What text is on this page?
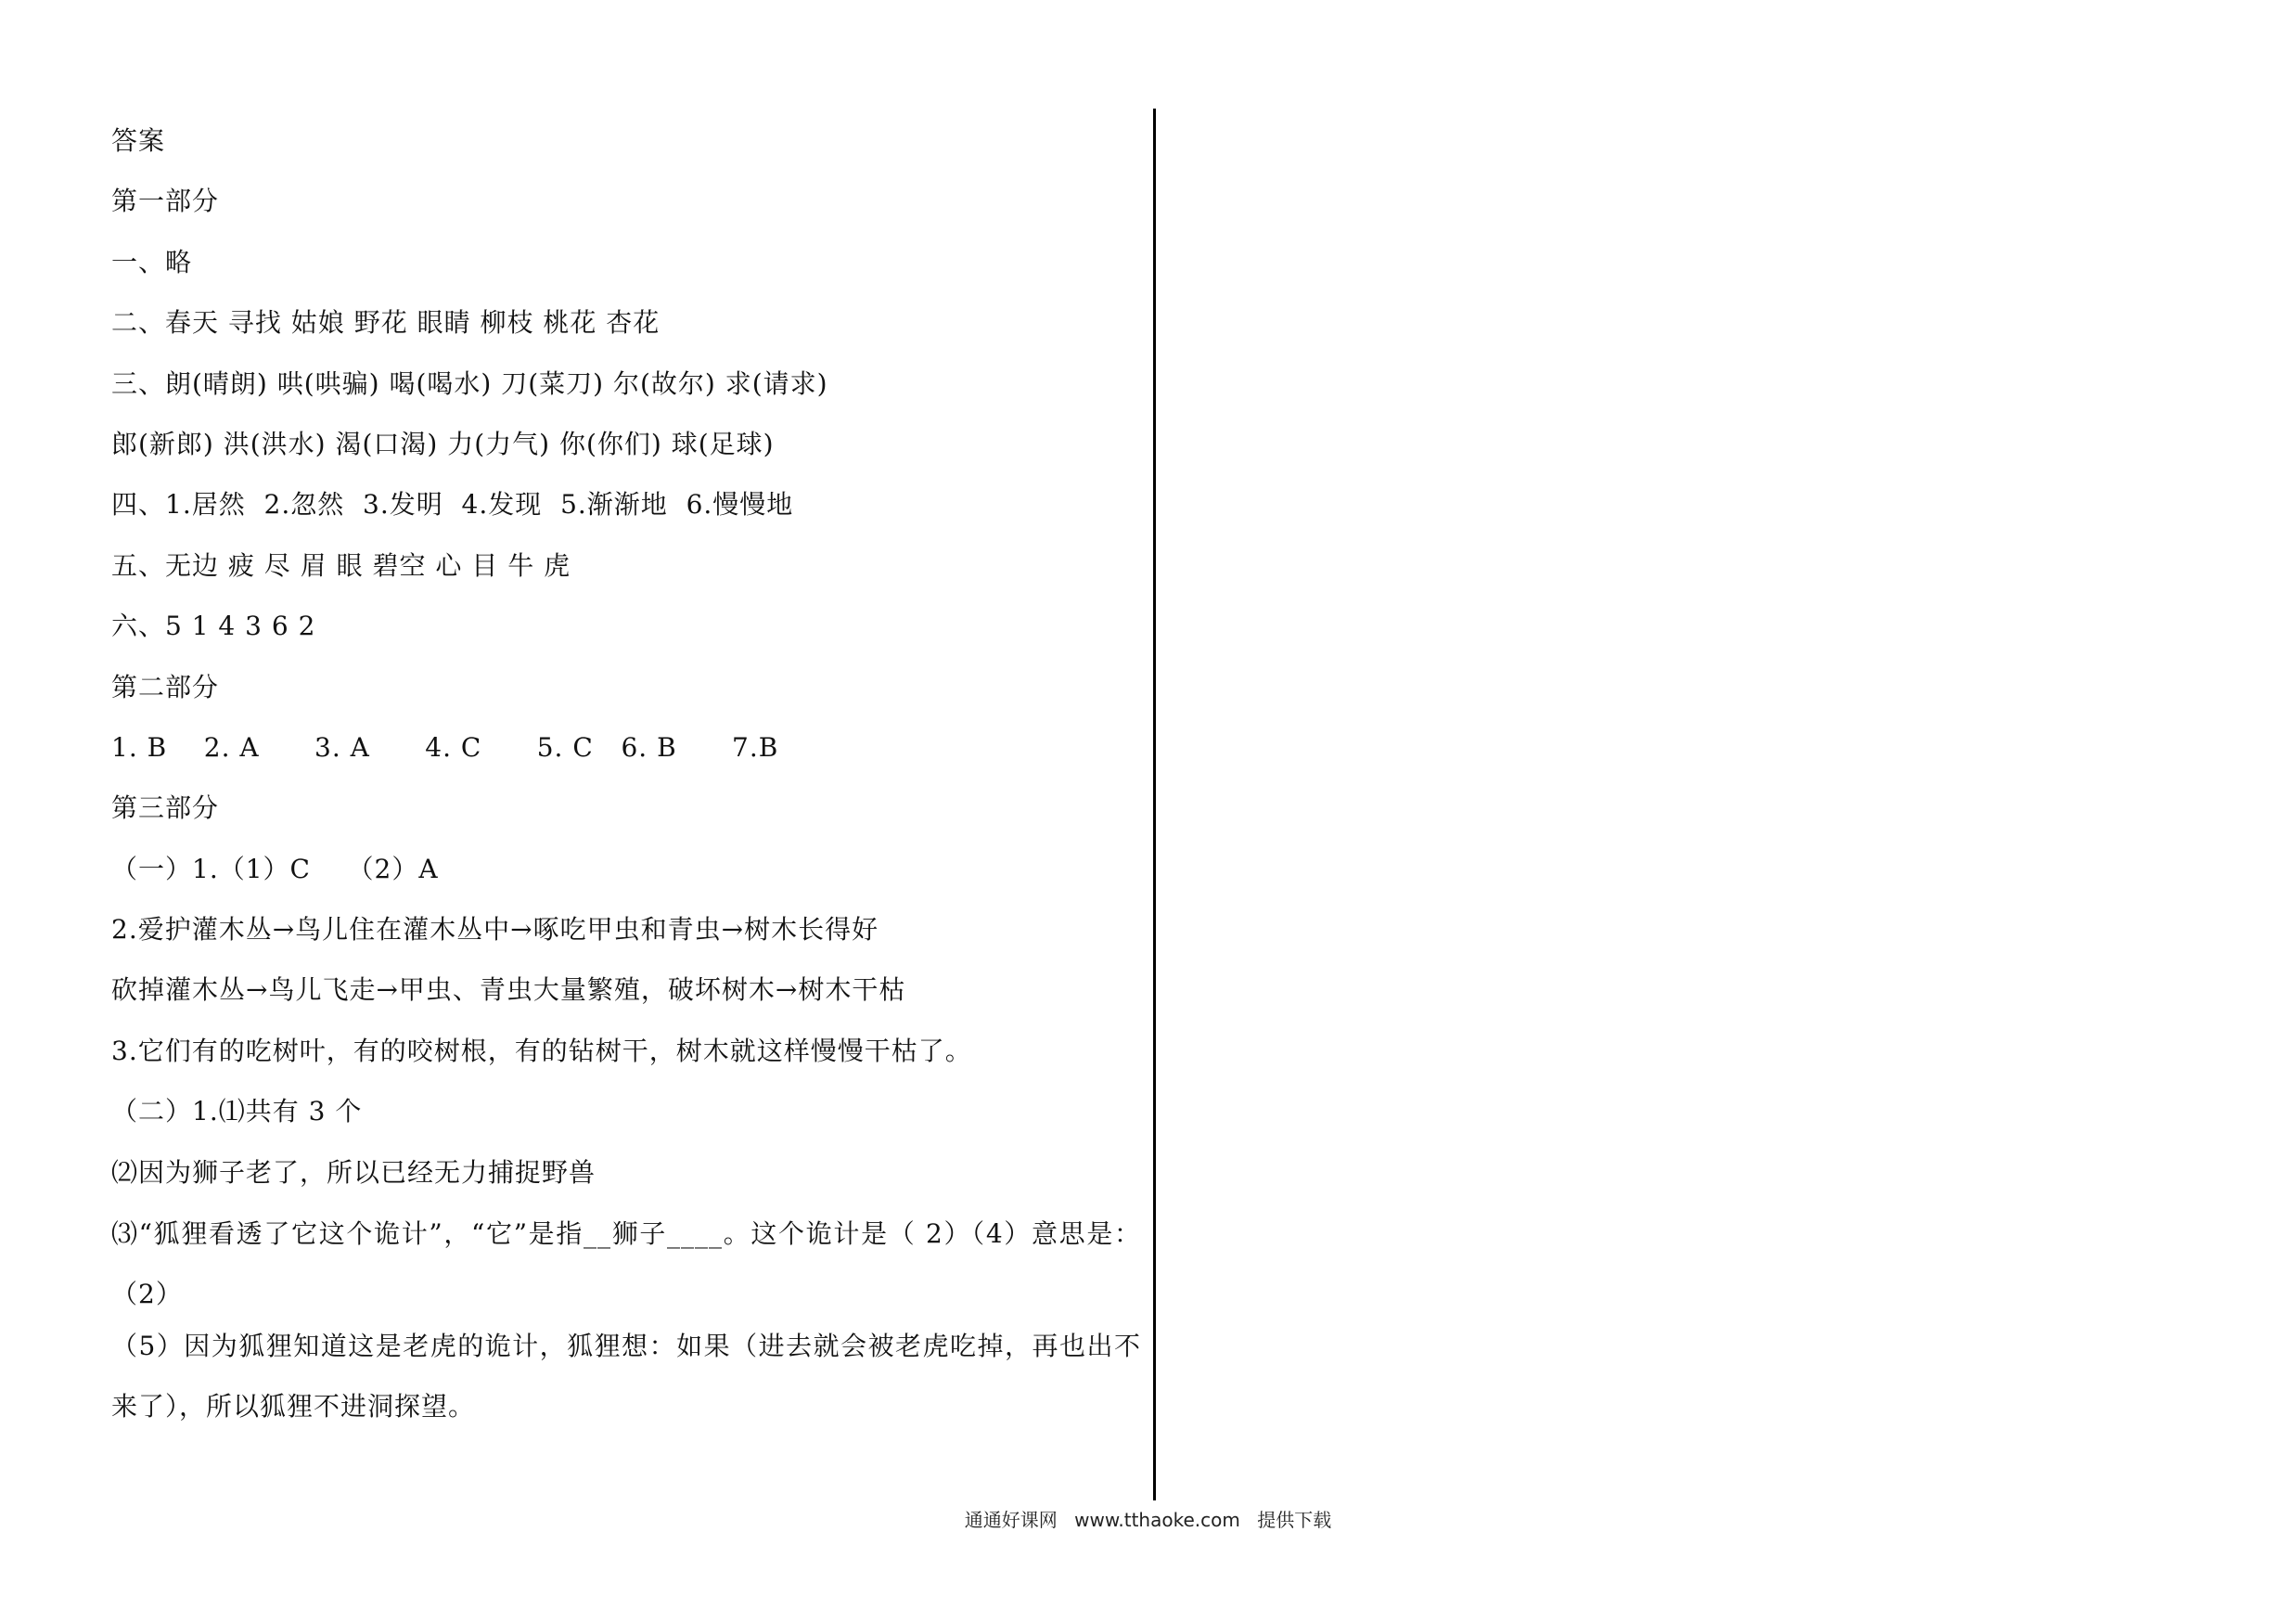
答案
第一部分
一、略
二、春天 寻找 姑娘 野花 眼睛 柳枝 桃花 杏花
三、朗(晴朗) 哄(哄骗) 喝(喝水) 刀(菜刀) 尔(故尔) 求(请求)
郎(新郎) 洪(洪水) 渴(口渴) 力(力气) 你(你们) 球(足球)
四、1.居然  2.忽然  3.发明  4.发现  5.渐渐地  6.慢慢地
五、无边 疲 尽 眉 眼 碧空 心 目 牛 虎
六、5 1 4 3 6 2
第二部分
1. B    2. A      3. A      4. C      5. C   6. B      7.B
第三部分
（一）1.（1）C    （2）A
2.爱护灌木丛→鸟儿住在灌木丛中→啄吃甲虫和青虫→树木长得好
砍掉灌木丛→鸟儿飞走→甲虫、青虫大量繁殖，破坏树木→树木干枯
3.它们有的吃树叶，有的咬树根，有的钻树干，树木就这样慢慢干枯了。
（二）1.⑴共有 3 个
⑵因为狮子老了，所以已经无力捕捉野兽

⑶“狐狸看透了它这个诡计”，“它”是指__狮子____。这个诡计是（ 2）（4）意思是：（2）

（5）因为狐狸知道这是老虎的诡计，狐狸想：如果（进去就会被老虎吃掉，再也出不来了），所以狐狸不进洞探望。

通通好课网 www.tthaoke.com 提供下载
